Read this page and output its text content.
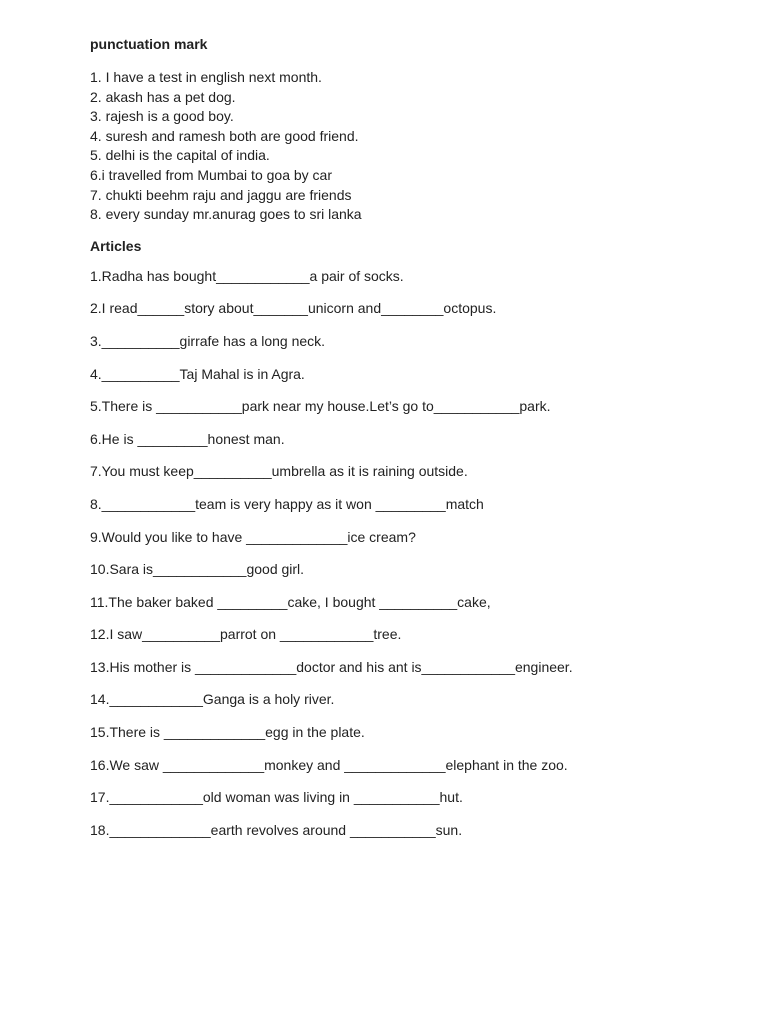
punctuation mark
1. I have a test in english next month.
2. akash has a pet dog.
3. rajesh is a good boy.
4. suresh and ramesh both are good friend.
5. delhi is the capital of india.
6.i travelled from Mumbai to goa by car
7. chukti beehm raju and jaggu are friends
8. every sunday mr.anurag goes to sri lanka
Articles
1.Radha has bought____________a pair of socks.
2.I read______story about_______unicorn and________octopus.
3.__________girrafe has a long neck.
4.__________Taj Mahal is in Agra.
5.There is ___________park near my house.Let’s go to___________park.
6.He is _________honest man.
7.You must keep__________umbrella as it is raining outside.
8.____________team is very happy as it won _________match
9.Would you like to have _____________ice cream?
10.Sara is____________good girl.
11.The baker baked _________cake, I bought __________cake,
12.I saw__________parrot on ____________tree.
13.His mother is _____________doctor and his ant is____________engineer.
14.____________Ganga is a holy river.
15.There is _____________egg in the plate.
16.We saw _____________monkey and _____________elephant in the zoo.
17.____________old woman was living in ___________hut.
18._____________earth revolves around ___________sun.
